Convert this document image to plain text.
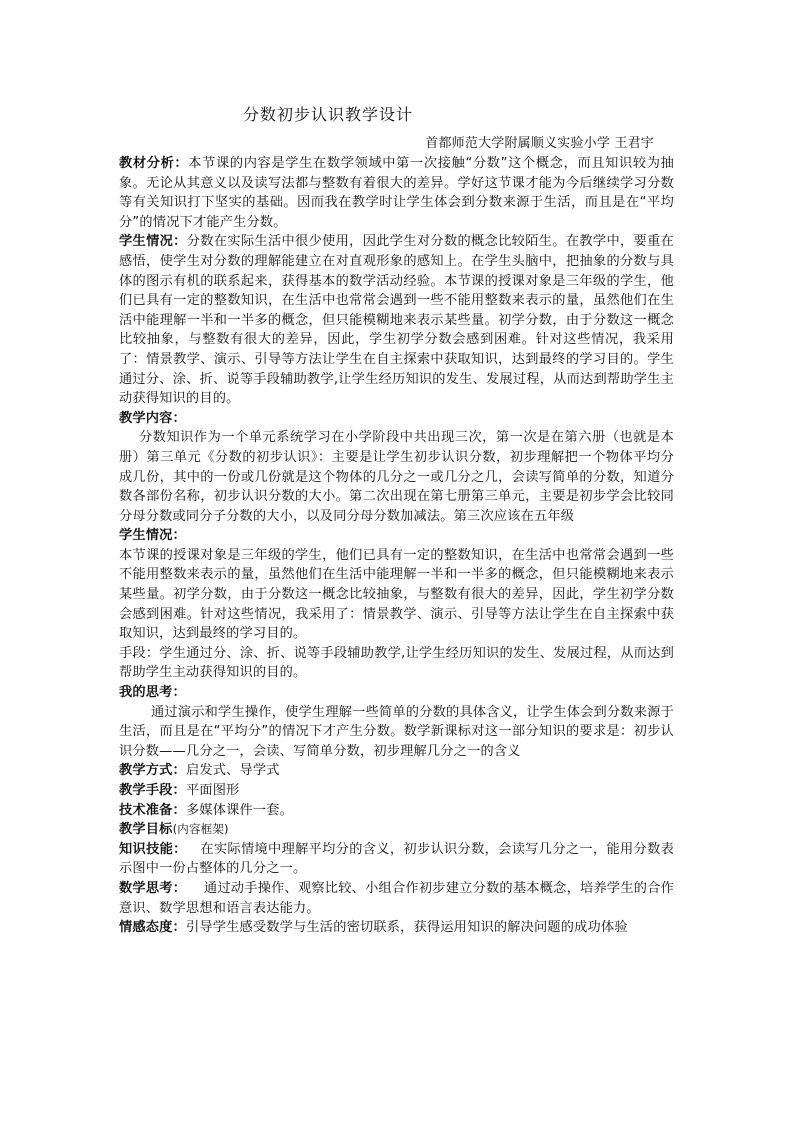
分数初步认识教学设计
首都师范大学附属顺义实验小学 王君宇

教材分析：本节课的内容是学生在数学领域中第一次接触“分数”这个概念，而且知识较为抽象。无论从其意义以及读写法都与整数有着很大的差异。学好这节课才能为今后继续学习分数等有关知识打下坚实的基础。因而我在教学时让学生体会到分数来源于生活，而且是在“平均分”的情况下才能产生分数。

学生情况：分数在实际生活中很少使用，因此学生对分数的概念比较陌生。在教学中，要重在感悟，使学生对分数的理解能建立在对直观形象的感知上。在学生头脑中，把抽象的分数与具体的图示有机的联系起来，获得基本的数学活动经验。本节课的授课对象是三年级的学生，他们已具有一定的整数知识，在生活中也常常会遇到一些不能用整数来表示的量，虽然他们在生活中能理解一半和一半多的概念，但只能模糊地来表示某些量。初学分数，由于分数这一概念比较抽象，与整数有很大的差异，因此，学生初学分数会感到困难。针对这些情况，我采用了：情景教学、演示、引导等方法让学生在自主探索中获取知识，达到最终的学习目的。学生通过分、涂、折、说等手段辅助教学,让学生经历知识的发生、发展过程，从而达到帮助学生主动获得知识的目的。

教学内容：

分数知识作为一个单元系统学习在小学阶段中共出现三次，第一次是在第六册（也就是本册）第三单元《分数的初步认识》：主要是让学生初步认识分数，初步理解把一个物体平均分成几份，其中的一份或几份就是这个物体的几分之一或几分之几，会读写简单的分数，知道分数各部份名称，初步认识分数的大小。第二次出现在第七册第三单元，主要是初步学会比较同分母分数或同分子分数的大小，以及同分母分数加减法。第三次应该在五年级

学生情况：

本节课的授课对象是三年级的学生，他们已具有一定的整数知识，在生活中也常常会遇到一些不能用整数来表示的量，虽然他们在生活中能理解一半和一半多的概念，但只能模糊地来表示某些量。初学分数，由于分数这一概念比较抽象，与整数有很大的差异，因此，学生初学分数会感到困难。针对这些情况，我采用了：情景教学、演示、引导等方法让学生在自主探索中获取知识，达到最终的学习目的。

手段：学生通过分、涂、折、说等手段辅助教学,让学生经历知识的发生、发展过程，从而达到帮助学生主动获得知识的目的。

我的思考：

通过演示和学生操作，使学生理解一些简单的分数的具体含义，让学生体会到分数来源于生活，而且是在“平均分”的情况下才产生分数。数学新课标对这一部分知识的要求是：初步认识分数——几分之一，会读、写简单分数，初步理解几分之一的含义

教学方式：启发式、导学式

教学手段：平面图形

技术准备：多媒体课件一套。

教学目标(内容框架)

知识技能： 在实际情境中理解平均分的含义，初步认识分数，会读写几分之一，能用分数表示图中一份占整体的几分之一。

数学思考： 通过动手操作、观察比较、小组合作初步建立分数的基本概念，培养学生的合作意识、数学思想和语言表达能力。

情感态度：引导学生感受数学与生活的密切联系，获得运用知识的解决问题的成功体验
